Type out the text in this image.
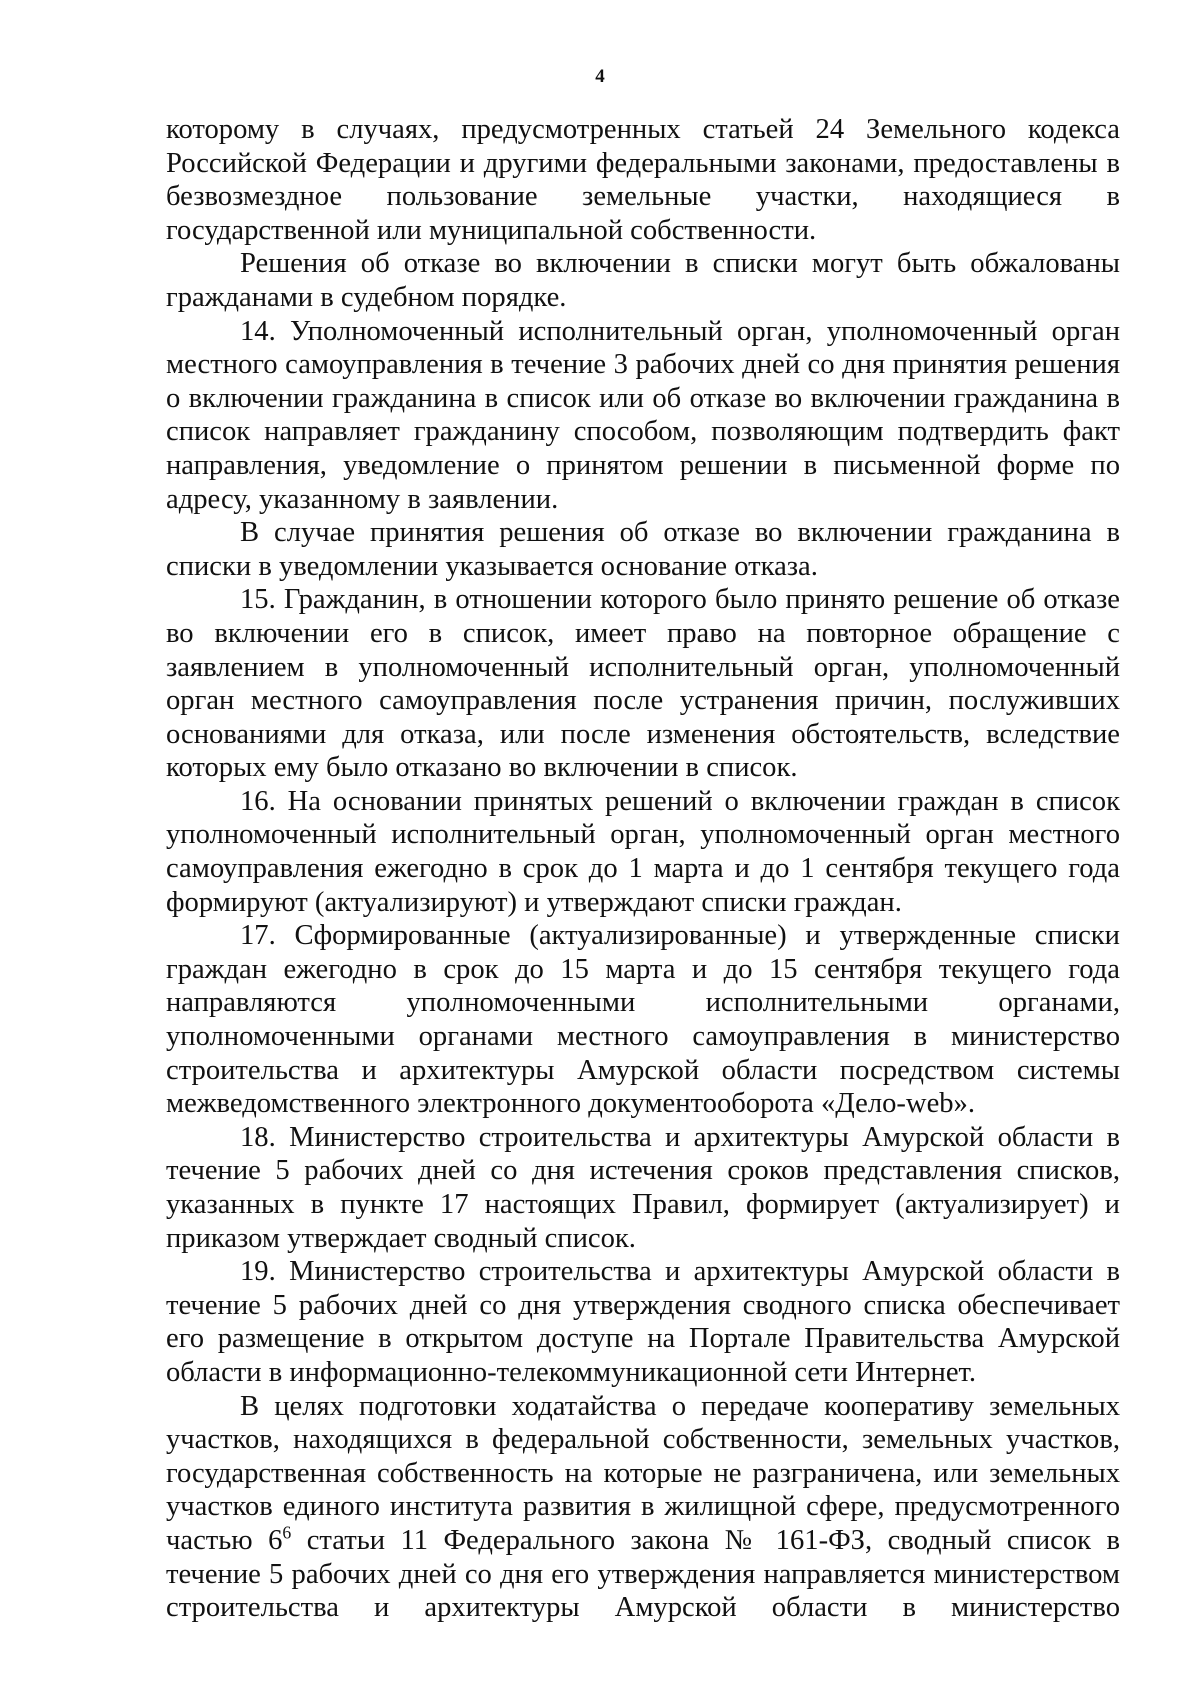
4

которому в случаях, предусмотренных статьей 24 Земельного кодекса Российской Федерации и другими федеральными законами, предоставлены в безвозмездное пользование земельные участки, находящиеся в государственной или муниципальной собственности.

Решения об отказе во включении в списки могут быть обжалованы гражданами в судебном порядке.

14. Уполномоченный исполнительный орган, уполномоченный орган местного самоуправления в течение 3 рабочих дней со дня принятия решения о включении гражданина в список или об отказе во включении гражданина в список направляет гражданину способом, позволяющим подтвердить факт направления, уведомление о принятом решении в письменной форме по адресу, указанному в заявлении.

В случае принятия решения об отказе во включении гражданина в списки в уведомлении указывается основание отказа.

15. Гражданин, в отношении которого было принято решение об отказе во включении его в список, имеет право на повторное обращение с заявлением в уполномоченный исполнительный орган, уполномоченный орган местного самоуправления после устранения причин, послуживших основаниями для отказа, или после изменения обстоятельств, вследствие которых ему было отказано во включении в список.

16. На основании принятых решений о включении граждан в список уполномоченный исполнительный орган, уполномоченный орган местного самоуправления ежегодно в срок до 1 марта и до 1 сентября текущего года формируют (актуализируют) и утверждают списки граждан.

17. Сформированные (актуализированные) и утвержденные списки граждан ежегодно в срок до 15 марта и до 15 сентября текущего года направляются уполномоченными исполнительными органами, уполномоченными органами местного самоуправления в министерство строительства и архитектуры Амурской области посредством системы межведомственного электронного документооборота «Дело-web».

18. Министерство строительства и архитектуры Амурской области в течение 5 рабочих дней со дня истечения сроков представления списков, указанных в пункте 17 настоящих Правил, формирует (актуализирует) и приказом утверждает сводный список.

19. Министерство строительства и архитектуры Амурской области в течение 5 рабочих дней со дня утверждения сводного списка обеспечивает его размещение в открытом доступе на Портале Правительства Амурской области в информационно-телекоммуникационной сети Интернет.

В целях подготовки ходатайства о передаче кооперативу земельных участков, находящихся в федеральной собственности, земельных участков, государственная собственность на которые не разграничена, или земельных участков единого института развития в жилищной сфере, предусмотренного частью $6^6$ статьи 11 Федерального закона № 161-ФЗ, сводный список в течение 5 рабочих дней со дня его утверждения направляется министерством строительства и архитектуры Амурской области в министерство
